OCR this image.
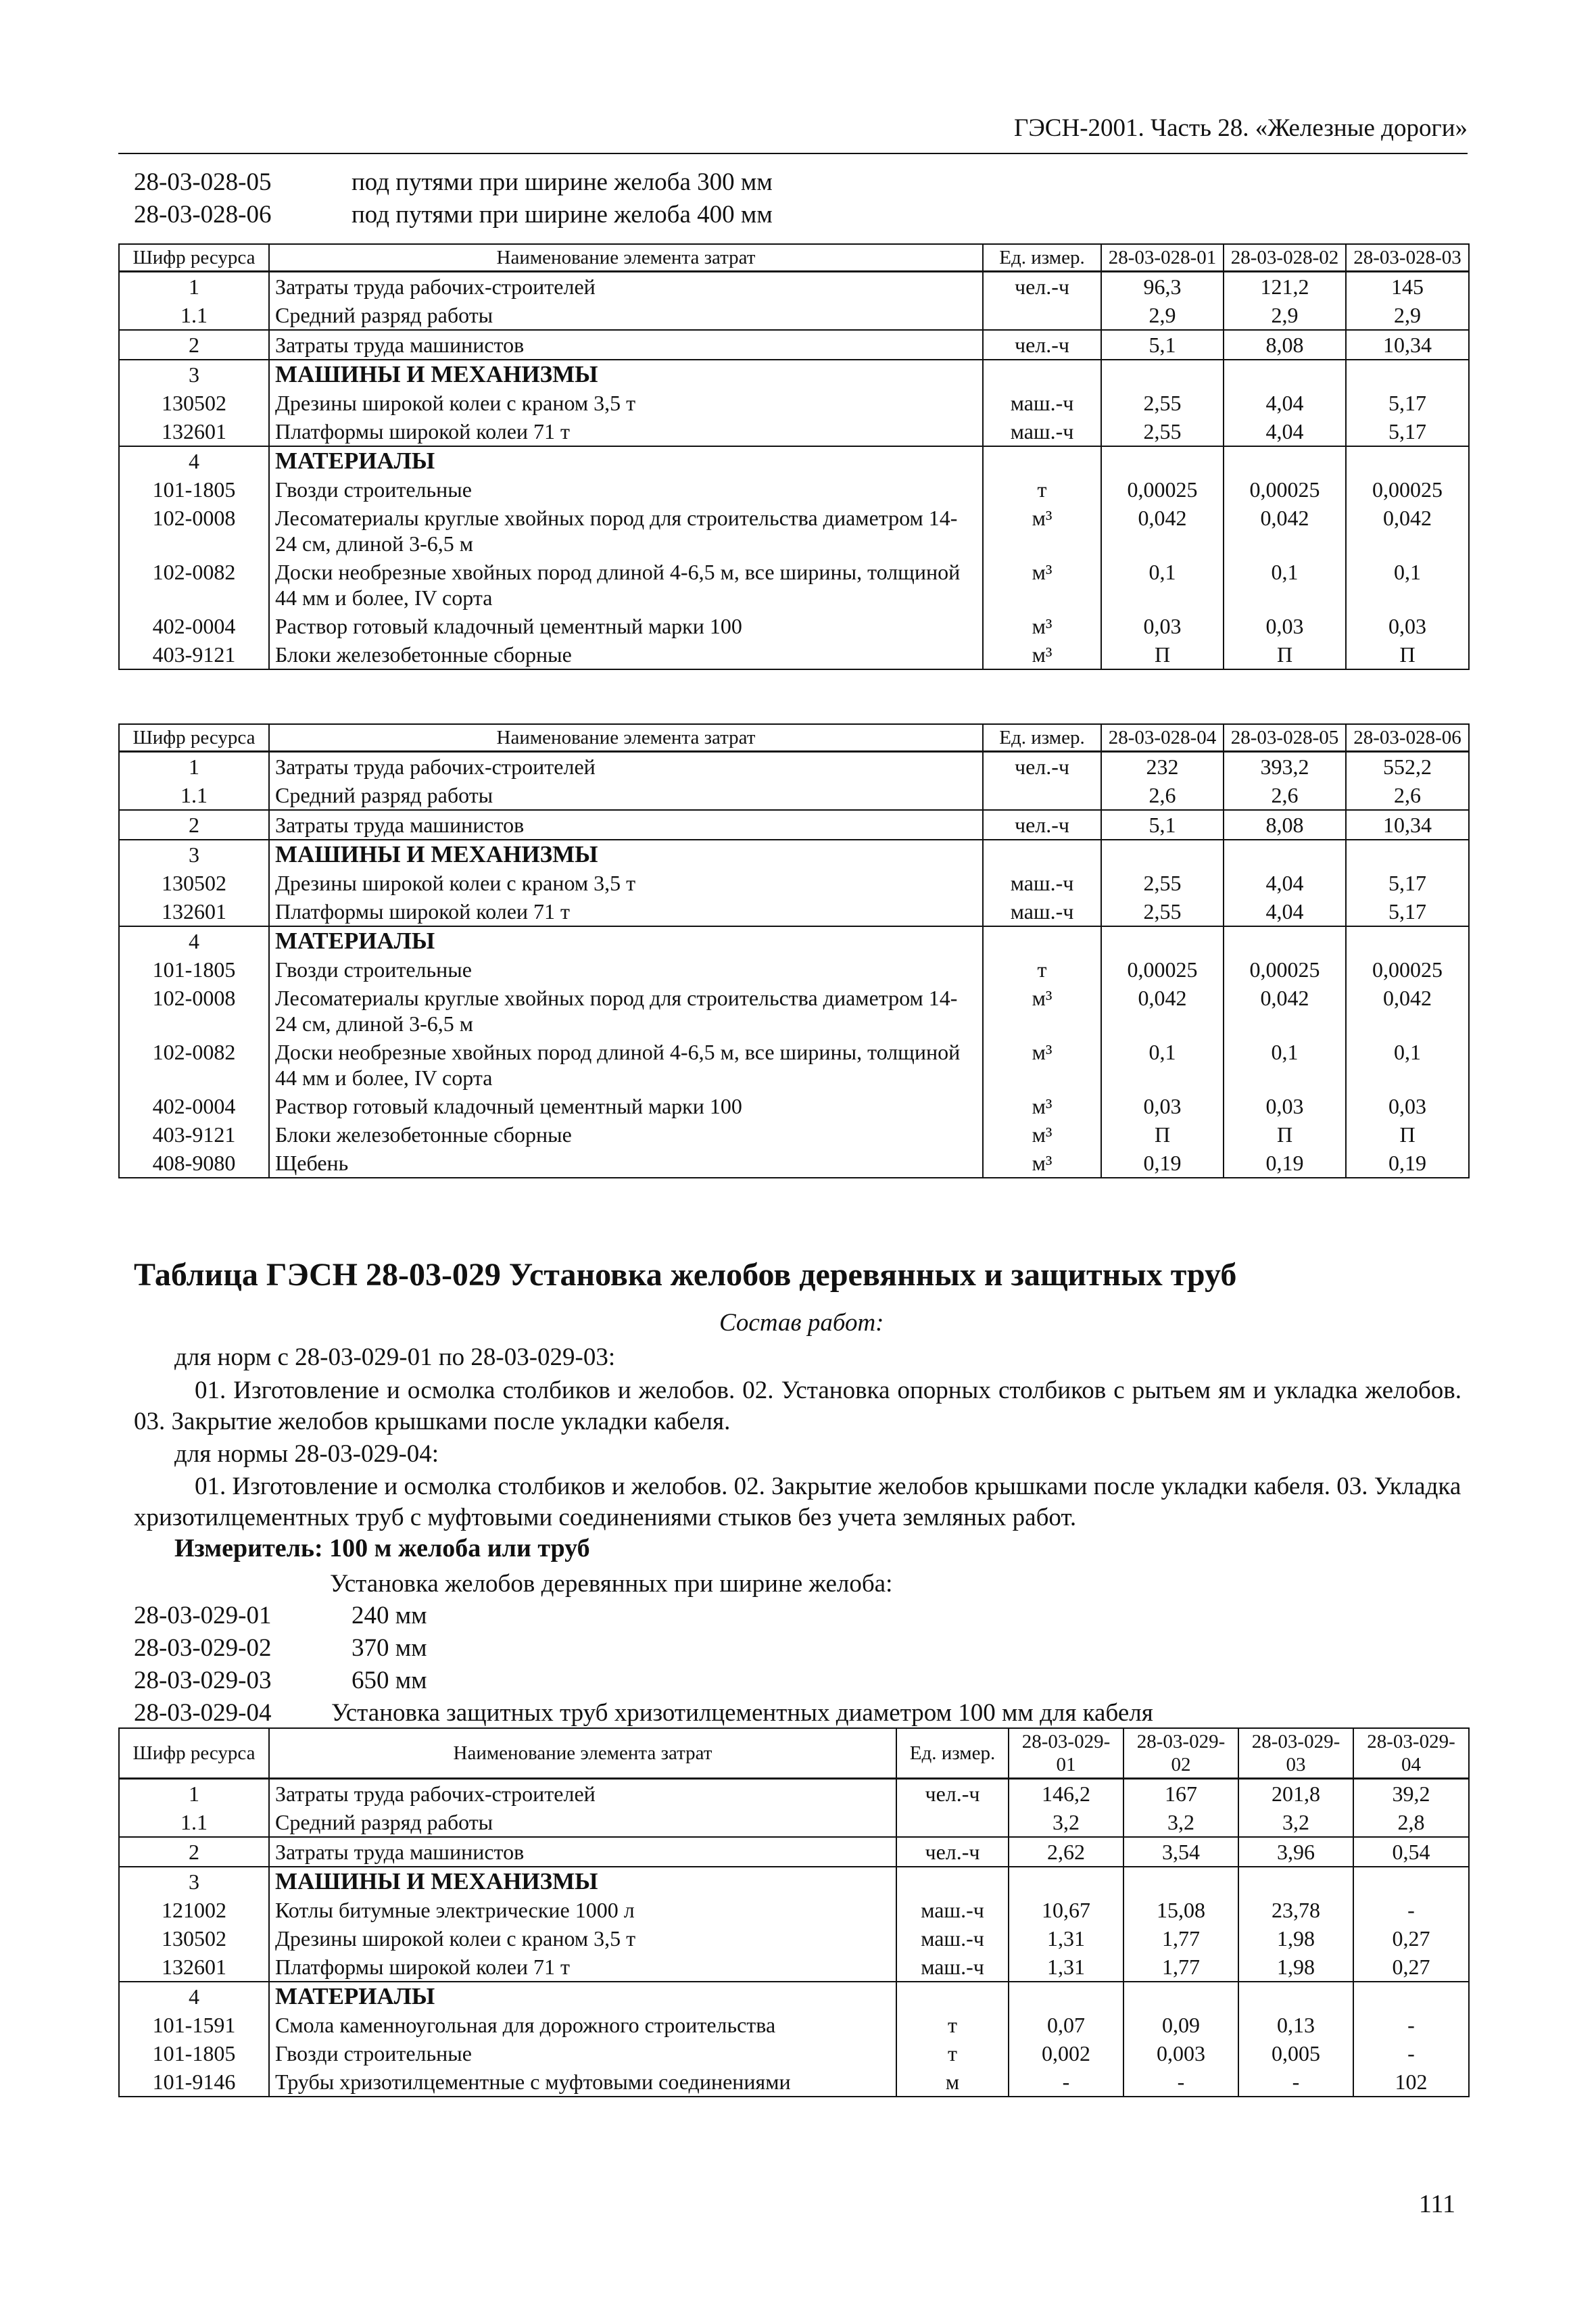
ГЭСН-2001. Часть 28. «Железные дороги»
28-03-028-05	под путями при ширине желоба 300 мм
28-03-028-06	под путями при ширине желоба 400 мм
Шифр ресурса	Наименование элемента затрат	Ед. измер.	28-03-028-01	28-03-028-02	28-03-028-03
1	Затраты труда рабочих-строителей	чел.-ч	96,3	121,2	145
1.1	Средний разряд работы		2,9	2,9	2,9
2	Затраты труда машинистов	чел.-ч	5,1	8,08	10,34
3	МАШИНЫ И МЕХАНИЗМЫ				
130502	Дрезины широкой колеи с краном 3,5 т	маш.-ч	2,55	4,04	5,17
132601	Платформы широкой колеи 71 т	маш.-ч	2,55	4,04	5,17
4	МАТЕРИАЛЫ				
101-1805	Гвозди строительные	т	0,00025	0,00025	0,00025
102-0008	Лесоматериалы круглые хвойных пород для строительства диаметром 14-24 см, длиной 3-6,5 м	м³	0,042	0,042	0,042
102-0082	Доски необрезные хвойных пород длиной 4-6,5 м, все ширины, толщиной 44 мм и более, IV сорта	м³	0,1	0,1	0,1
402-0004	Раствор готовый кладочный цементный марки 100	м³	0,03	0,03	0,03
403-9121	Блоки железобетонные сборные	м³	П	П	П
Шифр ресурса	Наименование элемента затрат	Ед. измер.	28-03-028-04	28-03-028-05	28-03-028-06
1	Затраты труда рабочих-строителей	чел.-ч	232	393,2	552,2
1.1	Средний разряд работы		2,6	2,6	2,6
2	Затраты труда машинистов	чел.-ч	5,1	8,08	10,34
3	МАШИНЫ И МЕХАНИЗМЫ				
130502	Дрезины широкой колеи с краном 3,5 т	маш.-ч	2,55	4,04	5,17
132601	Платформы широкой колеи 71 т	маш.-ч	2,55	4,04	5,17
4	МАТЕРИАЛЫ				
101-1805	Гвозди строительные	т	0,00025	0,00025	0,00025
102-0008	Лесоматериалы круглые хвойных пород для строительства диаметром 14-24 см, длиной 3-6,5 м	м³	0,042	0,042	0,042
102-0082	Доски необрезные хвойных пород длиной 4-6,5 м, все ширины, толщиной 44 мм и более, IV сорта	м³	0,1	0,1	0,1
402-0004	Раствор готовый кладочный цементный марки 100	м³	0,03	0,03	0,03
403-9121	Блоки железобетонные сборные	м³	П	П	П
408-9080	Щебень	м³	0,19	0,19	0,19
Таблица ГЭСН 28-03-029 Установка желобов деревянных и защитных труб
Состав работ:
для норм с 28-03-029-01 по 28-03-029-03:
01. Изготовление и осмолка столбиков и желобов. 02. Установка опорных столбиков с рытьем ям и укладка желобов. 03. Закрытие желобов крышками после укладки кабеля.
для нормы 28-03-029-04:
01. Изготовление и осмолка столбиков и желобов. 02. Закрытие желобов крышками после укладки кабеля. 03. Укладка хризотилцементных труб с муфтовыми соединениями стыков без учета земляных работ.
Измеритель: 100 м желоба или труб
Установка желобов деревянных при ширине желоба:
28-03-029-01	240 мм
28-03-029-02	370 мм
28-03-029-03	650 мм
28-03-029-04	Установка защитных труб хризотилцементных диаметром 100 мм для кабеля
Шифр ресурса	Наименование элемента затрат	Ед. измер.	28-03-029-01	28-03-029-02	28-03-029-03	28-03-029-04
1	Затраты труда рабочих-строителей	чел.-ч	146,2	167	201,8	39,2
1.1	Средний разряд работы		3,2	3,2	3,2	2,8
2	Затраты труда машинистов	чел.-ч	2,62	3,54	3,96	0,54
3	МАШИНЫ И МЕХАНИЗМЫ					
121002	Котлы битумные электрические 1000 л	маш.-ч	10,67	15,08	23,78	-
130502	Дрезины широкой колеи с краном 3,5 т	маш.-ч	1,31	1,77	1,98	0,27
132601	Платформы широкой колеи 71 т	маш.-ч	1,31	1,77	1,98	0,27
4	МАТЕРИАЛЫ					
101-1591	Смола каменноугольная для дорожного строительства	т	0,07	0,09	0,13	-
101-1805	Гвозди строительные	т	0,002	0,003	0,005	-
101-9146	Трубы хризотилцементные с муфтовыми соединениями	м	-	-	-	102
111
